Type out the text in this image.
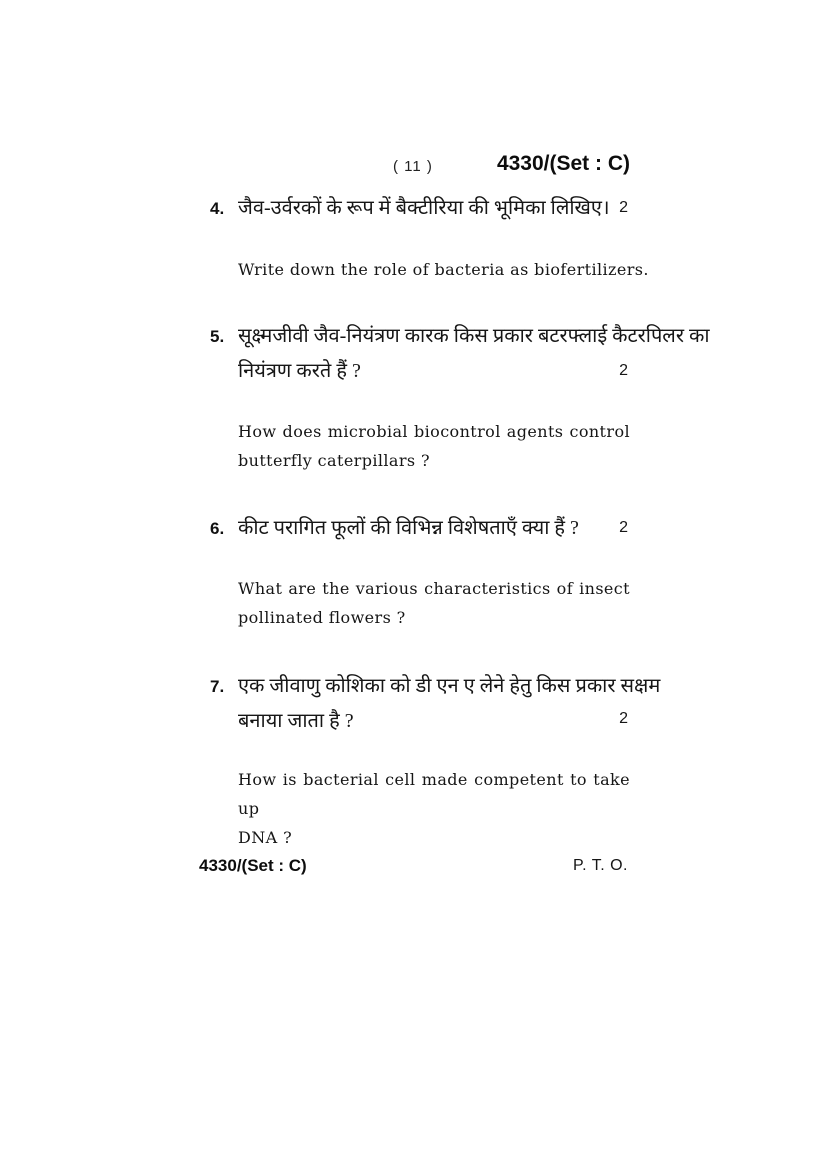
( 11 )	4330/(Set : C)
4. जैव-उर्वरकों के रूप में बैक्टीरिया की भूमिका लिखिए। 2
Write down the role of bacteria as biofertilizers.
5. सूक्ष्मजीवी जैव-नियंत्रण कारक किस प्रकार बटरफ्लाई कैटरपिलर का
नियंत्रण करते हैं ?	2
How does microbial biocontrol agents control
butterfly caterpillars ?
6. कीट परागित फूलों की विभिन्न विशेषताएँ क्या हैं ?	2
What are the various characteristics of insect
pollinated flowers ?
7. एक जीवाणु कोशिका को डी एन ए लेने हेतु किस प्रकार सक्षम
बनाया जाता है ?	2
How is bacterial cell made competent to take up
DNA ?
4330/(Set : C)	P. T. O.
